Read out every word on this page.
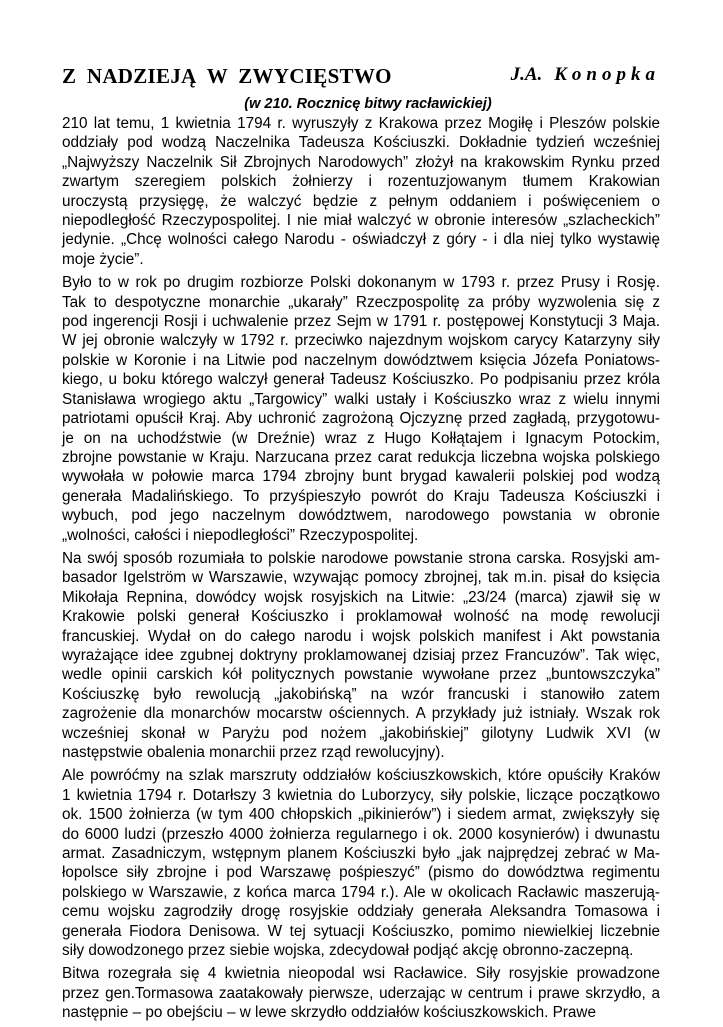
Z NADZIEJĄ W ZWYCIĘSTWO	J.A. Konopka
(w 210. Rocznicę bitwy racławickiej)
210 lat temu, 1 kwietnia 1794 r. wyruszyły z Krakowa przez Mogiłę i Pleszów polskie
oddziały pod wodzą Naczelnika Tadeusza Kościuszki. Dokładnie tydzień wcześniej
„Najwyższy Naczelnik Sił Zbrojnych Narodowych” złożył na krakowskim Rynku przed
zwartym szeregiem polskich żołnierzy i rozentuzjowanym tłumem Krakowian
uroczystą przysięgę, że walczyć będzie z pełnym oddaniem i poświęceniem o
niepodległość Rzeczypospolitej. I nie miał walczyć w obronie interesów „szlacheckich”
jedynie. „Chcę wolności całego Narodu - oświadczył z góry - i dla niej tylko wystawię
moje życie”.
Było to w rok po drugim rozbiorze Polski dokonanym w 1793 r. przez Prusy i Rosję.
Tak to despotyczne monarchie „ukarały” Rzeczpospolitę za próby wyzwolenia się z
pod ingerencji Rosji i uchwalenie przez Sejm w 1791 r. postępowej Konstytucji 3 Maja.
W jej obronie walczyły w 1792 r. przeciwko najezdnym wojskom carycy Katarzyny siły
polskie w Koronie i na Litwie pod naczelnym dowództwem księcia Józefa Poniatows-
kiego, u boku którego walczył generał Tadeusz Kościuszko. Po podpisaniu przez króla
Stanisława wrogiego aktu „Targowicy” walki ustały i Kościuszko wraz z wielu innymi
patriotami opuścił Kraj. Aby uchronić zagrożoną Ojczyznę przed zagładą, przygotowu-
je on na uchodźstwie (w Dreźnie) wraz z Hugo Kołłątajem i Ignacym Potockim,
zbrojne powstanie w Kraju. Narzucana przez carat redukcja liczebna wojska polskiego
wywołała w połowie marca 1794 zbrojny bunt brygad kawalerii polskiej pod wodzą
generała Madalińskiego. To przyśpieszyło powrót do Kraju Tadeusza Kościuszki i
wybuch, pod jego naczelnym dowództwem, narodowego powstania w obronie
„wolności, całości i niepodległości” Rzeczypospolitej.
Na swój sposób rozumiała to polskie narodowe powstanie strona carska. Rosyjski am-
basador Igelström w Warszawie, wzywając pomocy zbrojnej, tak m.in. pisał do księcia
Mikołaja Repnina, dowódcy wojsk rosyjskich na Litwie: „23/24 (marca) zjawił się w
Krakowie polski generał Kościuszko i proklamował wolność na modę rewolucji
francuskiej. Wydał on do całego narodu i wojsk polskich manifest i Akt powstania
wyrażające idee zgubnej doktryny proklamowanej dzisiaj przez Francuzów”. Tak więc,
wedle opinii carskich kół politycznych powstanie wywołane przez „buntowszczyka”
Kościuszkę było rewolucją „jakobińską” na wzór francuski i stanowiło zatem
zagrożenie dla monarchów mocarstw ościennych. A przykłady już istniały. Wszak rok
wcześniej skonał w Paryżu pod nożem „jakobińskiej” gilotyny Ludwik XVI (w
następstwie obalenia monarchii przez rząd rewolucyjny).
Ale powróćmy na szlak marszruty oddziałów kościuszkowskich, które opuściły Kraków
1 kwietnia 1794 r. Dotarłszy 3 kwietnia do Luborzycy, siły polskie, liczące początkowo
ok. 1500 żołnierza (w tym 400 chłopskich „pikinierów”) i siedem armat, zwiększyły się
do 6000 ludzi (przeszło 4000 żołnierza regularnego i ok. 2000 kosynierów) i dwunastu
armat. Zasadniczym, wstępnym planem Kościuszki było „jak najprędzej zebrać w Ma-
łopolsce siły zbrojne i pod Warszawę pośpieszyć” (pismo do dowództwa regimentu
polskiego w Warszawie, z końca marca 1794 r.). Ale w okolicach Racławic maszerują-
cemu wojsku zagrodziły drogę rosyjskie oddziały generała Aleksandra Tomasowa i
generała Fiodora Denisowa. W tej sytuacji Kościuszko, pomimo niewielkiej liczebnie
siły dowodzonego przez siebie wojska, zdecydował podjąć akcję obronno-zaczepną.
Bitwa rozegrała się 4 kwietnia nieopodal wsi Racławice. Siły rosyjskie prowadzone
przez gen.Tormasowa zaatakowały pierwsze, uderzając w centrum i prawe skrzydło, a
następnie – po obejściu – w lewe skrzydło oddziałów kościuszkowskich. Prawe
